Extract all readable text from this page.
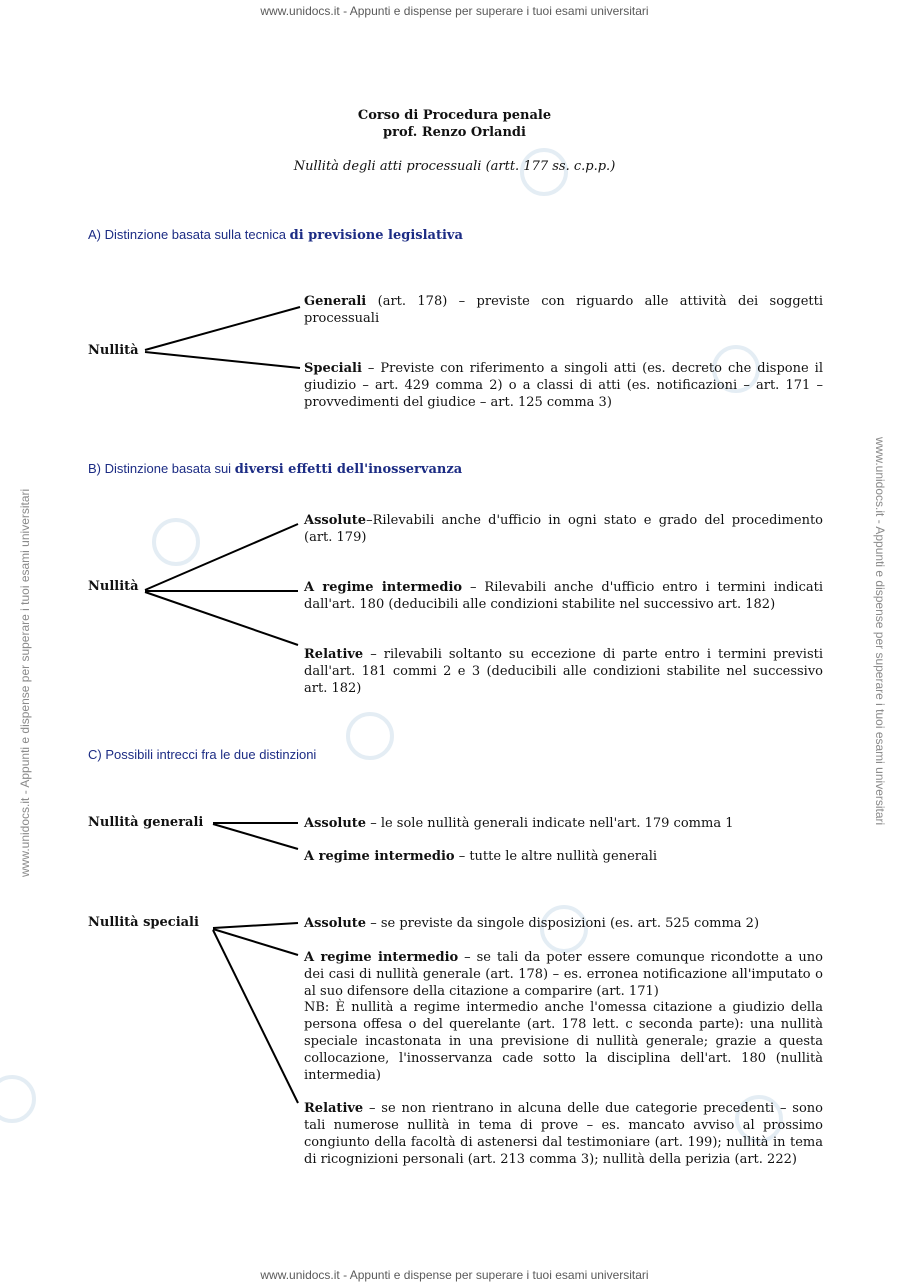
www.unidocs.it - Appunti e dispense per superare i tuoi esami universitari
www.unidocs.it - Appunti e dispense per superare i tuoi esami universitari
www.unidocs.it - Appunti e dispense per superare i tuoi esami universitari	www.unidocs.it - Appunti e dispense per superare i tuoi esami universitari
Corso di Procedura penale
prof. Renzo Orlandi
Nullità degli atti processuali (artt. 177 ss. c.p.p.)
A) Distinzione basata sulla tecnica di previsione legislativa
Nullità
Generali (art. 178) – previste con riguardo alle attività dei soggetti processuali
Speciali – Previste con riferimento a singoli atti (es. decreto che dispone il giudizio – art. 429 comma 2) o a classi di atti (es. notificazioni – art. 171 – provvedimenti del giudice – art. 125 comma 3)
B) Distinzione basata sui diversi effetti dell'inosservanza
Nullità
Assolute–Rilevabili anche d'ufficio in ogni stato e grado del procedimento (art. 179)
A regime intermedio – Rilevabili anche d'ufficio entro i termini indicati dall'art. 180 (deducibili alle condizioni stabilite nel successivo art. 182)
Relative – rilevabili soltanto su eccezione di parte entro i termini previsti dall'art. 181 commi 2 e 3 (deducibili alle condizioni stabilite nel successivo art. 182)
C) Possibili intrecci fra le due distinzioni
Nullità generali	Assolute – le sole nullità generali indicate nell'art. 179 comma 1
A regime intermedio – tutte le altre nullità generali
Nullità speciali	Assolute – se previste da singole disposizioni (es. art. 525 comma 2)
A regime intermedio – se tali da poter essere comunque ricondotte a uno dei casi di nullità generale (art. 178) – es. erronea notificazione all'imputato o al suo difensore della citazione a comparire (art. 171)
NB: È nullità a regime intermedio anche l'omessa citazione a giudizio della persona offesa o del querelante (art. 178 lett. c seconda parte): una nullità speciale incastonata in una previsione di nullità generale; grazie a questa collocazione, l'inosservanza cade sotto la disciplina dell'art. 180 (nullità intermedia)
Relative – se non rientrano in alcuna delle due categorie precedenti – sono tali numerose nullità in tema di prove – es. mancato avviso al prossimo congiunto della facoltà di astenersi dal testimoniare (art. 199); nullità in tema di ricognizioni personali (art. 213 comma 3); nullità della perizia (art. 222)
